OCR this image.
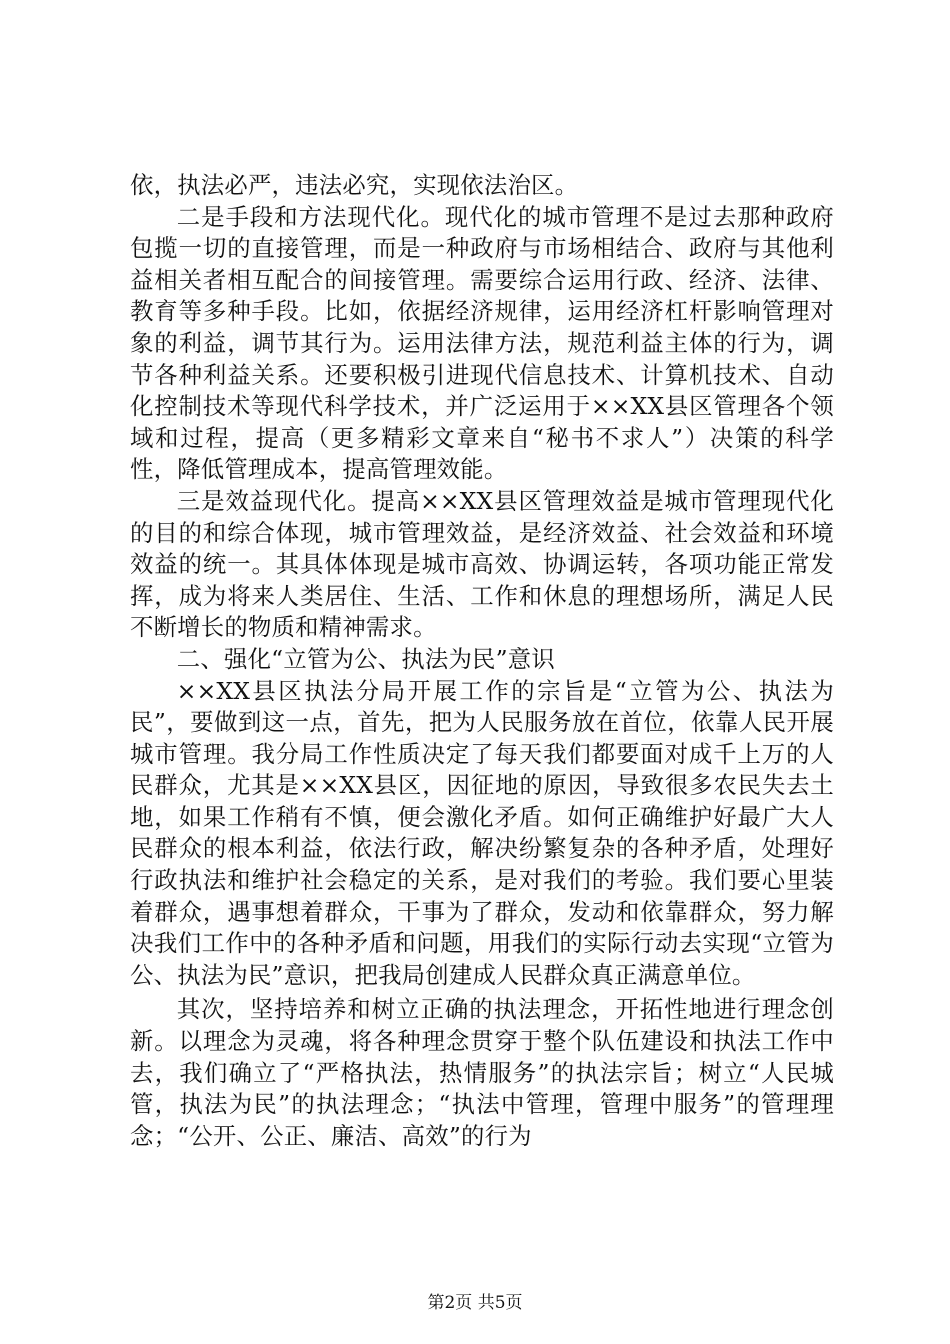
依，执法必严，违法必究，实现依法治区。

二是手段和方法现代化。现代化的城市管理不是过去那种政府包揽一切的直接管理，而是一种政府与市场相结合、政府与其他利益相关者相互配合的间接管理。需要综合运用行政、经济、法律、教育等多种手段。比如，依据经济规律，运用经济杠杆影响管理对象的利益，调节其行为。运用法律方法，规范利益主体的行为，调节各种利益关系。还要积极引进现代信息技术、计算机技术、自动化控制技术等现代科学技术，并广泛运用于××XX县区管理各个领域和过程，提高（更多精彩文章来自“秘书不求人”）决策的科学性，降低管理成本，提高管理效能。

三是效益现代化。提高××XX县区管理效益是城市管理现代化的目的和综合体现，城市管理效益，是经济效益、社会效益和环境效益的统一。其具体体现是城市高效、协调运转，各项功能正常发挥，成为将来人类居住、生活、工作和休息的理想场所，满足人民不断增长的物质和精神需求。

二、强化“立管为公、执法为民”意识

××XX县区执法分局开展工作的宗旨是“立管为公、执法为民”，要做到这一点，首先，把为人民服务放在首位，依靠人民开展城市管理。我分局工作性质决定了每天我们都要面对成千上万的人民群众，尤其是××XX县区，因征地的原因，导致很多农民失去土地，如果工作稍有不慎，便会激化矛盾。如何正确维护好最广大人民群众的根本利益，依法行政，解决纷繁复杂的各种矛盾，处理好行政执法和维护社会稳定的关系，是对我们的考验。我们要心里装着群众，遇事想着群众，干事为了群众，发动和依靠群众，努力解决我们工作中的各种矛盾和问题，用我们的实际行动去实现“立管为公、执法为民”意识，把我局创建成人民群众真正满意单位。

其次，坚持培养和树立正确的执法理念，开拓性地进行理念创新。以理念为灵魂，将各种理念贯穿于整个队伍建设和执法工作中去，我们确立了“严格执法，热情服务”的执法宗旨；树立“人民城管，执法为民”的执法理念；“执法中管理，管理中服务”的管理理念；“公开、公正、廉洁、高效”的行为

第2页 共5页
